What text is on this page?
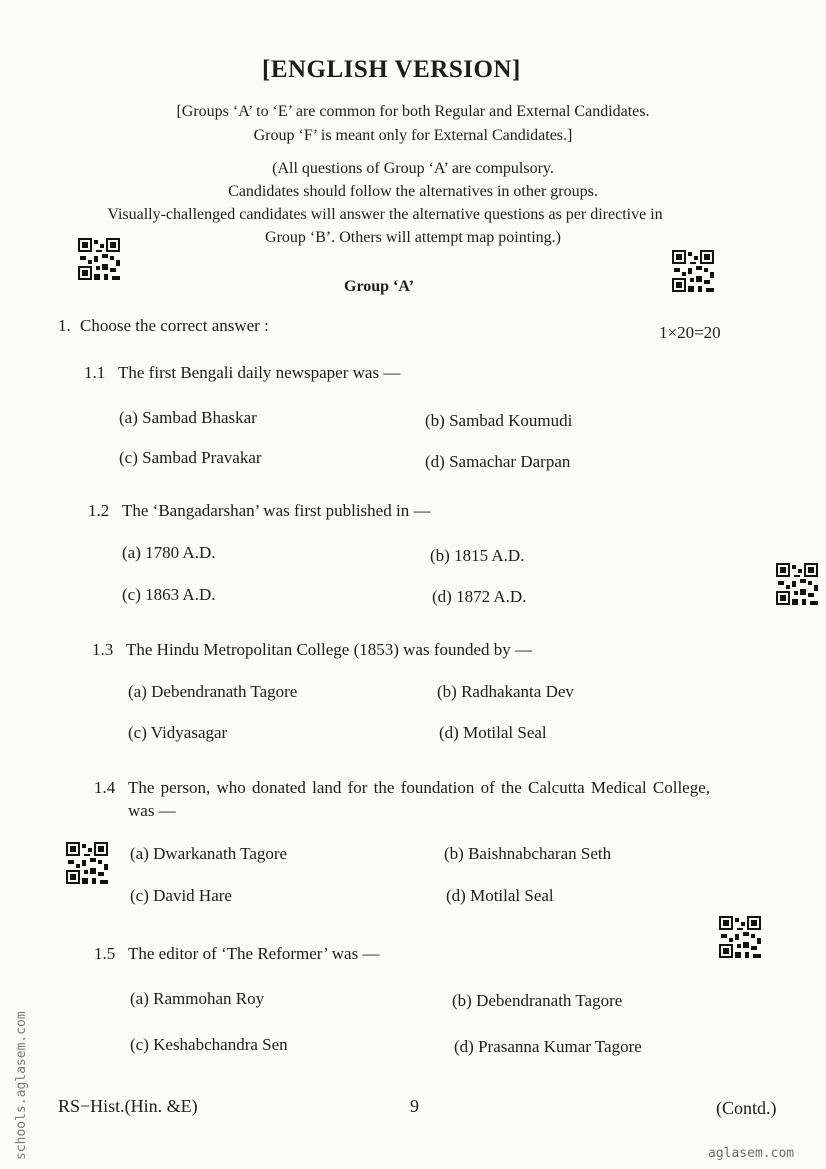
[ENGLISH VERSION]
[Groups ‘A’ to ‘E’ are common for both Regular and External Candidates.
Group ‘F’ is meant only for External Candidates.]
(All questions of Group ‘A’ are compulsory.
Candidates should follow the alternatives in other groups.
Visually-challenged candidates will answer the alternative questions as per directive in
Group ‘B’. Others will attempt map pointing.)
Group ‘A’
1. Choose the correct answer :	1×20=20
1.1 The first Bengali daily newspaper was —
(a) Sambad Bhaskar	(b) Sambad Koumudi
(c) Sambad Pravakar	(d) Samachar Darpan
1.2 The ‘Bangadarshan’ was first published in —
(a) 1780 A.D.	(b) 1815 A.D.
(c) 1863 A.D.	(d) 1872 A.D.
1.3 The Hindu Metropolitan College (1853) was founded by —
(a) Debendranath Tagore	(b) Radhakanta Dev
(c) Vidyasagar	(d) Motilal Seal
1.4 The person, who donated land for the foundation of the Calcutta Medical College,
was —
(a) Dwarkanath Tagore	(b) Baishnabcharan Seth
(c) David Hare	(d) Motilal Seal
1.5 The editor of ‘The Reformer’ was —
(a) Rammohan Roy	(b) Debendranath Tagore
(c) Keshabchandra Sen	(d) Prasanna Kumar Tagore
RS−Hist.(Hin. &E)	9	(Contd.)
schools.aglasem.com	aglasem.com
